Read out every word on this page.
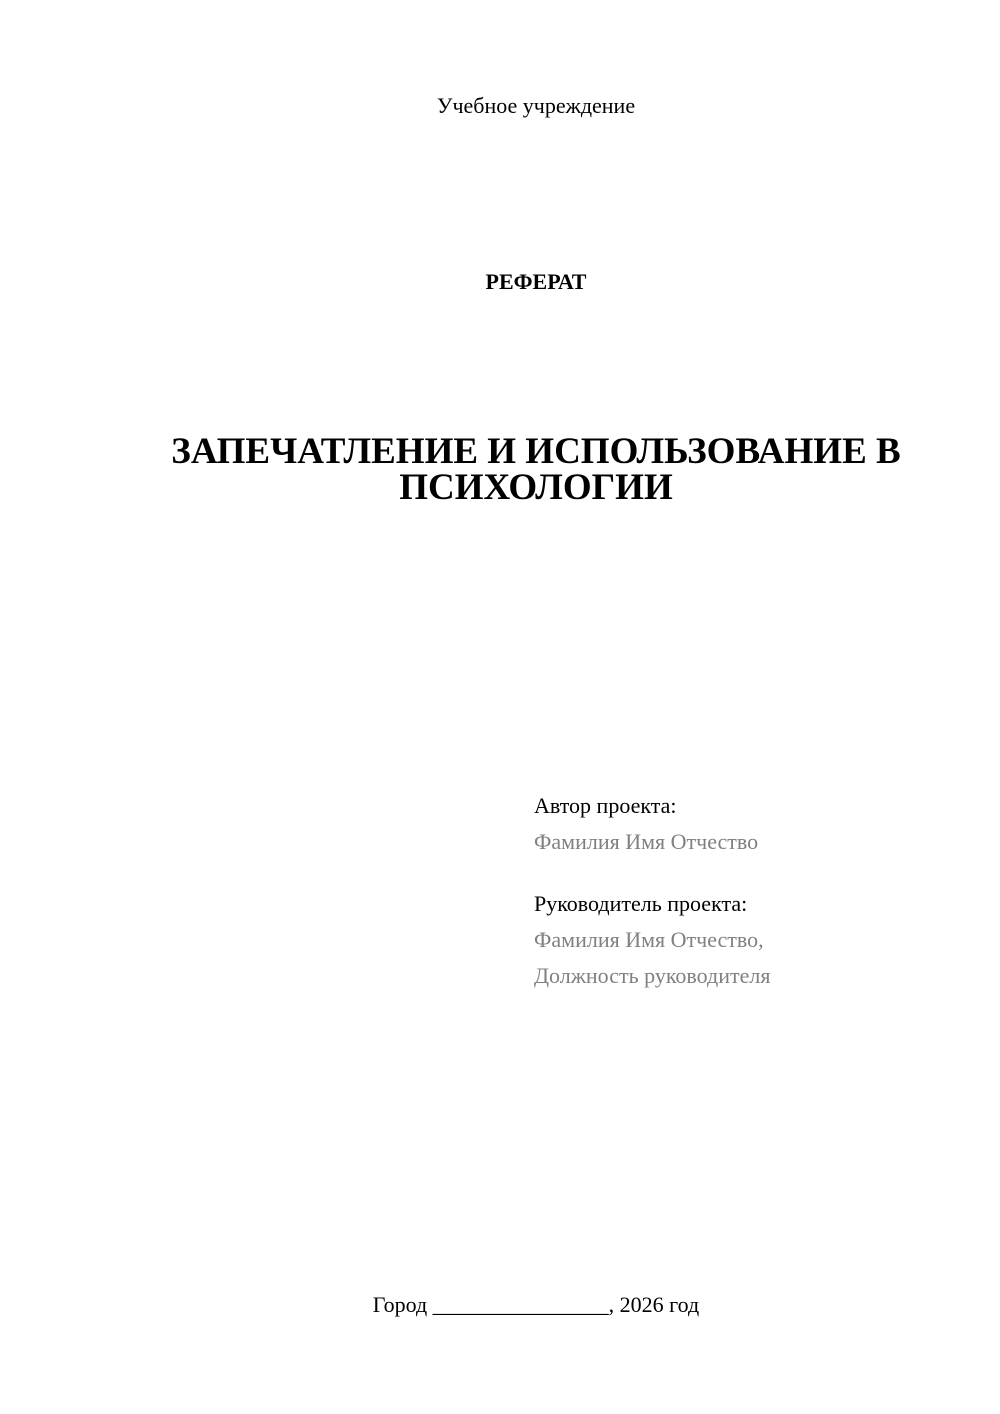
Учебное учреждение
РЕФЕРАТ
ЗАПЕЧАТЛЕНИЕ И ИСПОЛЬЗОВАНИЕ В
ПСИХОЛОГИИ
Автор проекта:
Фамилия Имя Отчество
Руководитель проекта:
Фамилия Имя Отчество,
Должность руководителя
Город ________________, 2026 год
